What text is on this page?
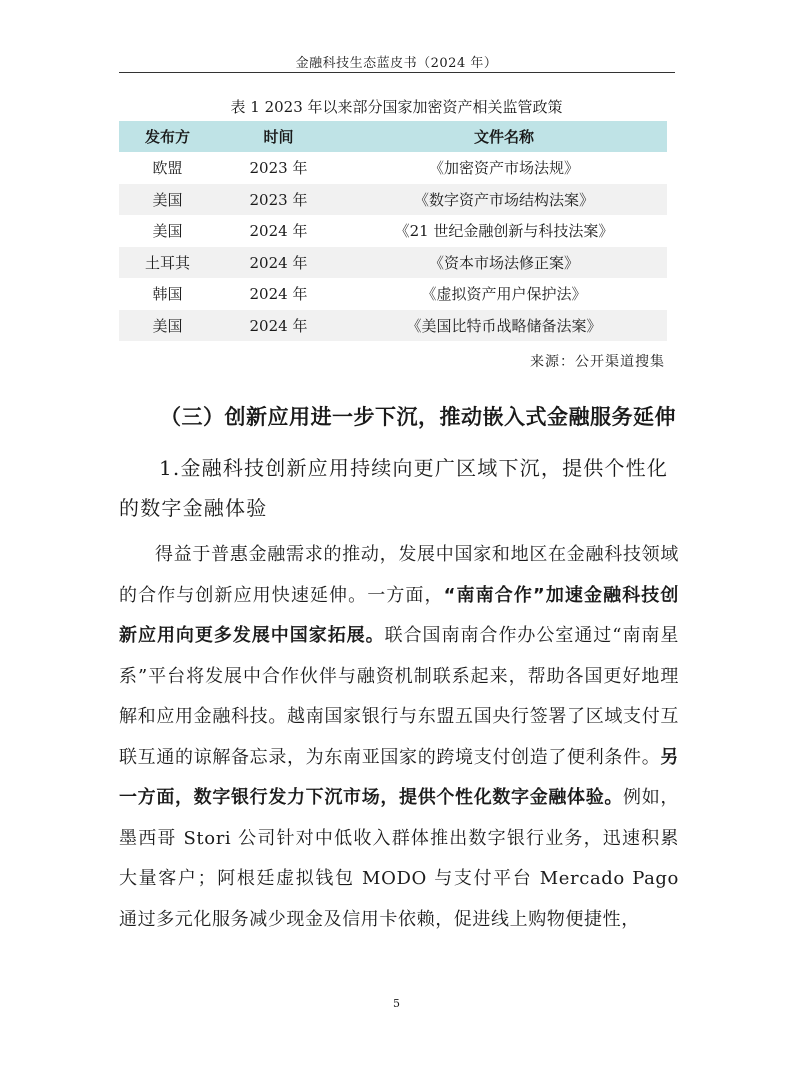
金融科技生态蓝皮书（2024 年）
表 1 2023 年以来部分国家加密资产相关监管政策
发布方	时间	文件名称
欧盟	2023 年	《加密资产市场法规》
美国	2023 年	《数字资产市场结构法案》
美国	2024 年	《21 世纪金融创新与科技法案》
土耳其	2024 年	《资本市场法修正案》
韩国	2024 年	《虚拟资产用户保护法》
美国	2024 年	《美国比特币战略储备法案》
来源：公开渠道搜集
（三）创新应用进一步下沉，推动嵌入式金融服务延伸
1.金融科技创新应用持续向更广区域下沉，提供个性化
的数字金融体验

得益于普惠金融需求的推动，发展中国家和地区在金融科技领域的合作与创新应用快速延伸。一方面，“南南合作”加速金融科技创新应用向更多发展中国家拓展。联合国南南合作办公室通过“南南星系”平台将发展中合作伙伴与融资机制联系起来，帮助各国更好地理解和应用金融科技。越南国家银行与东盟五国央行签署了区域支付互联互通的谅解备忘录，为东南亚国家的跨境支付创造了便利条件。另一方面，数字银行发力下沉市场，提供个性化数字金融体验。例如，墨西哥 Stori 公司针对中低收入群体推出数字银行业务，迅速积累大量客户；阿根廷虚拟钱包 MODO 与支付平台 Mercado Pago 通过多元化服务减少现金及信用卡依赖，促进线上购物便捷性，

5
